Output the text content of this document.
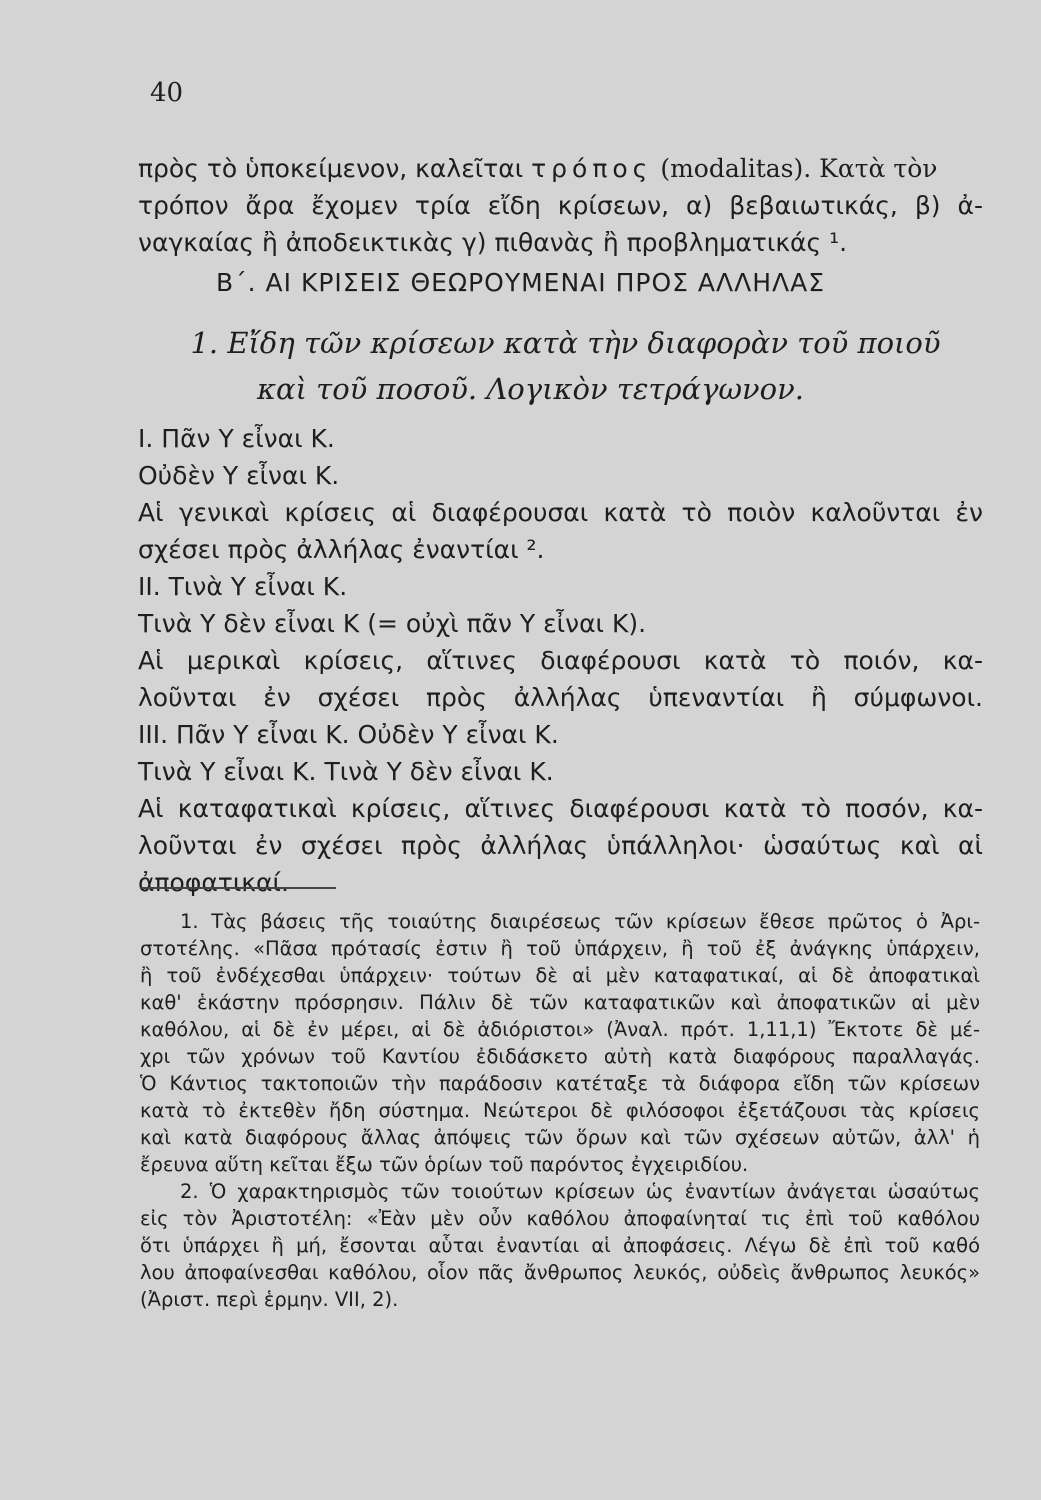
40
πρὸς τὸ ὑποκείμενον, καλεῖται τρόπος (modalitas). Κατὰ τὸν
τρόπον ἄρα ἔχομεν τρία εἴδη κρίσεων, α) βεβαιωτικάς, β) ἀ-
ναγκαίας ἢ ἀποδεικτικὰς γ) πιθανὰς ἢ προβληματικάς ¹.
Β΄. ΑΙ ΚΡΙΣΕΙΣ ΘΕΩΡΟΥΜΕΝΑΙ ΠΡΟΣ ΑΛΛΗΛΑΣ
1. Εἴδη τῶν κρίσεων κατὰ τὴν διαφορὰν τοῦ ποιοῦ
καὶ τοῦ ποσοῦ. Λογικὸν τετράγωνον.
I. Πᾶν Υ εἶναι Κ.
Οὐδὲν Υ εἶναι Κ.
Αἱ γενικαὶ κρίσεις αἱ διαφέρουσαι κατὰ τὸ ποιὸν καλοῦνται ἐν
σχέσει πρὸς ἀλλήλας ἐναντίαι ².
II. Τινὰ Υ εἶναι Κ.
Τινὰ Υ δὲν εἶναι Κ (= οὐχὶ πᾶν Υ εἶναι Κ).
Αἱ μερικαὶ κρίσεις, αἵτινες διαφέρουσι κατὰ τὸ ποιόν, κα-
λοῦνται ἐν σχέσει πρὸς ἀλλήλας ὑπεναντίαι ἢ σύμφωνοι.
III. Πᾶν Υ εἶναι Κ. Οὐδὲν Υ εἶναι Κ.
Τινὰ Υ εἶναι Κ. Τινὰ Υ δὲν εἶναι Κ.
Αἱ καταφατικαὶ κρίσεις, αἵτινες διαφέρουσι κατὰ τὸ ποσόν, κα-
λοῦνται ἐν σχέσει πρὸς ἀλλήλας ὑπάλληλοι· ὡσαύτως καὶ αἱ
ἀποφατικαί.
1. Τὰς βάσεις τῆς τοιαύτης διαιρέσεως τῶν κρίσεων ἔθεσε πρῶτος ὁ Ἀρι-
στοτέλης. «Πᾶσα πρότασίς ἐστιν ἢ τοῦ ὑπάρχειν, ἢ τοῦ ἐξ ἀνάγκης ὑπάρχειν,
ἢ τοῦ ἐνδέχεσθαι ὑπάρχειν· τούτων δὲ αἱ μὲν καταφατικαί, αἱ δὲ ἀποφατικαὶ
καθ' ἑκάστην πρόσρησιν. Πάλιν δὲ τῶν καταφατικῶν καὶ ἀποφατικῶν αἱ μὲν
καθόλου, αἱ δὲ ἐν μέρει, αἱ δὲ ἀδιόριστοι» (Ἀναλ. πρότ. 1,11,1) Ἔκτοτε δὲ μέ-
χρι τῶν χρόνων τοῦ Καντίου ἐδιδάσκετο αὐτὴ κατὰ διαφόρους παραλλαγάς.
Ὁ Κάντιος τακτοποιῶν τὴν παράδοσιν κατέταξε τὰ διάφορα εἴδη τῶν κρίσεων
κατὰ τὸ ἐκτεθὲν ἤδη σύστημα. Νεώτεροι δὲ φιλόσοφοι ἐξετάζουσι τὰς κρίσεις
καὶ κατὰ διαφόρους ἄλλας ἀπόψεις τῶν ὅρων καὶ τῶν σχέσεων αὐτῶν, ἀλλ' ἡ
ἔρευνα αὕτη κεῖται ἔξω τῶν ὁρίων τοῦ παρόντος ἐγχειριδίου.
2. Ὁ χαρακτηρισμὸς τῶν τοιούτων κρίσεων ὡς ἐναντίων ἀνάγεται ὡσαύτως
εἰς τὸν Ἀριστοτέλη: «Ἐὰν μὲν οὖν καθόλου ἀποφαίνηταί τις ἐπὶ τοῦ καθόλου
ὅτι ὑπάρχει ἢ μή, ἔσονται αὗται ἐναντίαι αἱ ἀποφάσεις. Λέγω δὲ ἐπὶ τοῦ καθό
λου ἀποφαίνεσθαι καθόλου, οἷον πᾶς ἄνθρωπος λευκός, οὐδεὶς ἄνθρωπος λευκός»
(Ἀριστ. περὶ ἑρμην. VII, 2).
